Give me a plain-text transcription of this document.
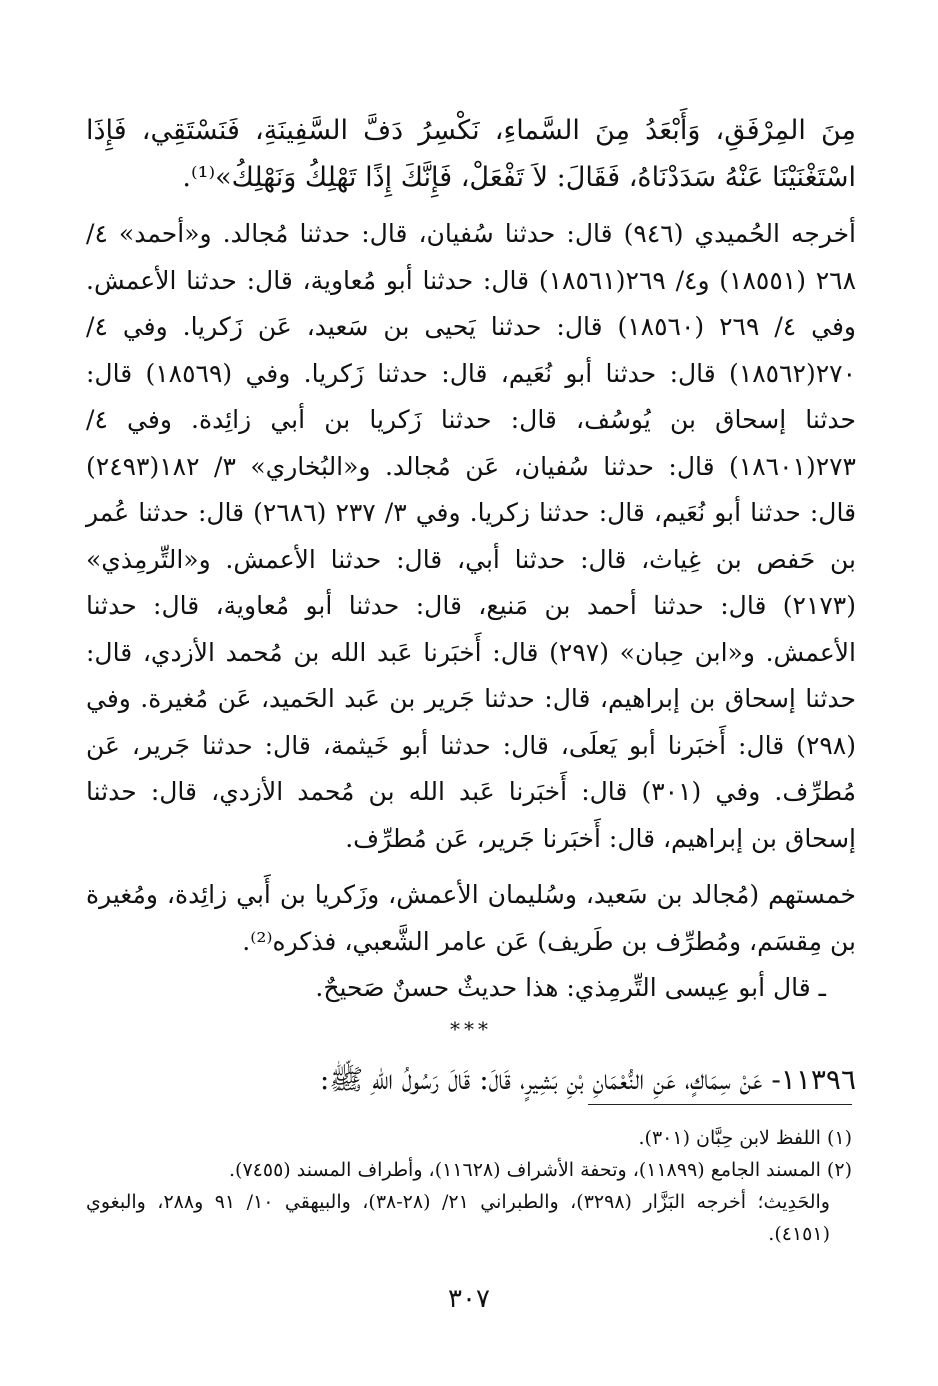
مِنَ المِرْفَقِ، وَأَبْعَدُ مِنَ السَّماءِ، نَكْسِرُ دَفَّ السَّفِينَةِ، فَنَسْتَقِي، فَإِذَا اسْتَغْنَيْنَا عَنْهُ سَدَدْنَاهُ، فَقَالَ: لاَ تَفْعَلْ، فَإِنَّكَ إِذًا تَهْلِكُ وَنَهْلِكُ»⁽¹⁾.

أخرجه الحُميدي (٩٤٦) قال: حدثنا سُفيان، قال: حدثنا مُجالد. و«أحمد» ٤/ ٢٦٨ (١٨٥٥١) و٤/ ٢٦٩(١٨٥٦١) قال: حدثنا أبو مُعاوية، قال: حدثنا الأعمش. وفي ٤/ ٢٦٩ (١٨٥٦٠) قال: حدثنا يَحيى بن سَعيد، عَن زَكريا. وفي ٤/ ٢٧٠(١٨٥٦٢) قال: حدثنا أبو نُعَيم، قال: حدثنا زَكريا. وفي (١٨٥٦٩) قال: حدثنا إسحاق بن يُوسُف، قال: حدثنا زَكريا بن أبي زائِدة. وفي ٤/ ٢٧٣(١٨٦٠١) قال: حدثنا سُفيان، عَن مُجالد. و«البُخاري» ٣/ ١٨٢(٢٤٩٣) قال: حدثنا أبو نُعَيم، قال: حدثنا زكريا. وفي ٣/ ٢٣٧ (٢٦٨٦) قال: حدثنا عُمر بن حَفص بن غِياث، قال: حدثنا أبي، قال: حدثنا الأعمش. و«التِّرمِذي» (٢١٧٣) قال: حدثنا أحمد بن مَنيع، قال: حدثنا أبو مُعاوية، قال: حدثنا الأعمش. و«ابن حِبان» (٢٩٧) قال: أَخبَرنا عَبد الله بن مُحمد الأزدي، قال: حدثنا إسحاق بن إبراهيم، قال: حدثنا جَرير بن عَبد الحَميد، عَن مُغيرة. وفي (٢٩٨) قال: أَخبَرنا أبو يَعلَى، قال: حدثنا أبو خَيثمة، قال: حدثنا جَرير، عَن مُطرِّف. وفي (٣٠١) قال: أَخبَرنا عَبد الله بن مُحمد الأزدي، قال: حدثنا إسحاق بن إبراهيم، قال: أَخبَرنا جَرير، عَن مُطرِّف.

خمستهم (مُجالد بن سَعيد، وسُليمان الأعمش، وزَكريا بن أَبي زائِدة، ومُغيرة بن مِقسَم، ومُطرِّف بن طَريف) عَن عامر الشَّعبي، فذكره⁽²⁾.

ـ قال أبو عِيسى التِّرمِذي: هذا حديثٌ حسنٌ صَحيحٌ.

***

١١٣٩٦- عَنْ سِمَاكٍ، عَنِ النُّعْمَانِ بْنِ بَشِيرٍ، قَالَ: قَالَ رَسُولُ اللهِ ﷺ:

(١) اللفظ لابن حِبَّان (٣٠١).

(٢) المسند الجامع (١١٨٩٩)، وتحفة الأشراف (١١٦٢٨)، وأطراف المسند (٧٤٥٥).

والحَدِيث؛ أخرجه البَزَّار (٣٢٩٨)، والطبراني ٢١/ (٢٨-٣٨)، والبيهقي ١٠/ ٩١ و٢٨٨، والبغوي (٤١٥١).

٣٠٧
